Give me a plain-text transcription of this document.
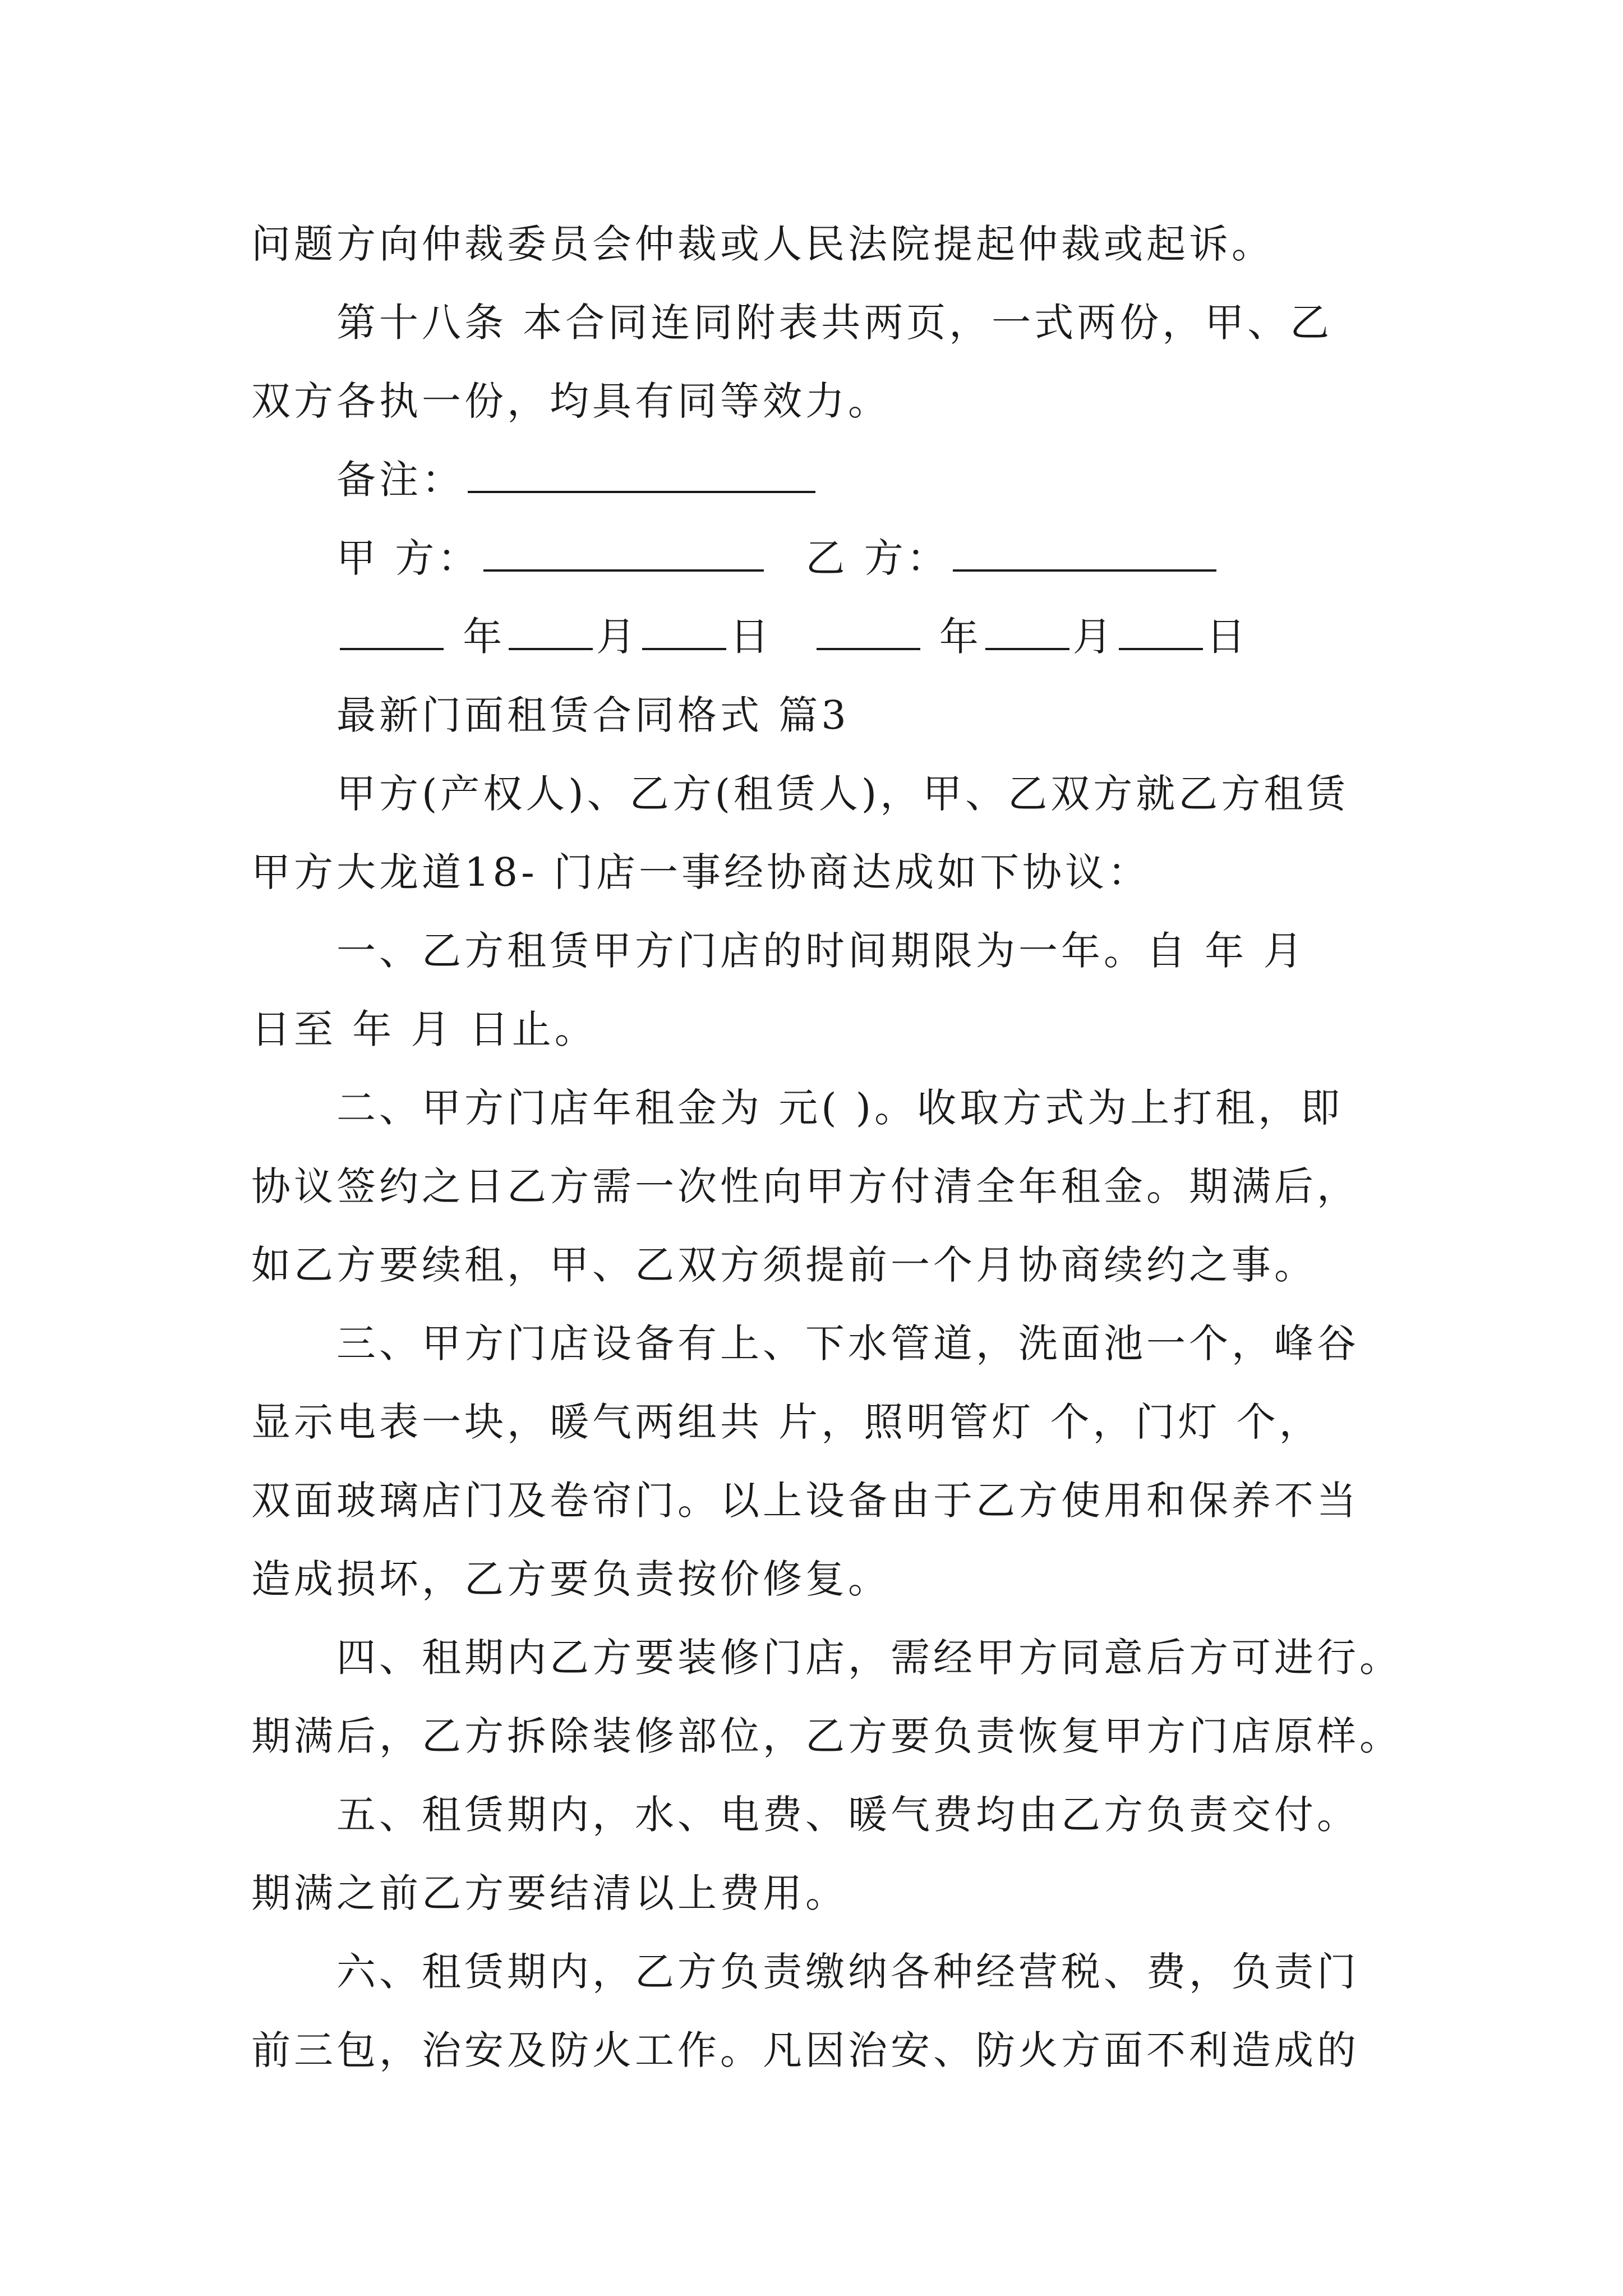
问题方向仲裁委员会仲裁或人民法院提起仲裁或起诉。
第十八条 本合同连同附表共两页，一式两份，甲、乙
双方各执一份，均具有同等效力。
备注：
甲 方：	乙 方：
年 月 日	年 月 日
最新门面租赁合同格式 篇3
甲方(产权人)、乙方(租赁人)，甲、乙双方就乙方租赁
甲方大龙道18- 门店一事经协商达成如下协议：
一、乙方租赁甲方门店的时间期限为一年。自 年 月
日至 年 月 日止。
二、甲方门店年租金为 元( )。收取方式为上打租，即
协议签约之日乙方需一次性向甲方付清全年租金。期满后，
如乙方要续租，甲、乙双方须提前一个月协商续约之事。
三、甲方门店设备有上、下水管道，洗面池一个，峰谷
显示电表一块，暖气两组共 片，照明管灯 个，门灯 个，
双面玻璃店门及卷帘门。以上设备由于乙方使用和保养不当
造成损坏，乙方要负责按价修复。
四、租期内乙方要装修门店，需经甲方同意后方可进行。
期满后，乙方拆除装修部位，乙方要负责恢复甲方门店原样。
五、租赁期内，水、电费、暖气费均由乙方负责交付。
期满之前乙方要结清以上费用。
六、租赁期内，乙方负责缴纳各种经营税、费，负责门
前三包，治安及防火工作。凡因治安、防火方面不利造成的
